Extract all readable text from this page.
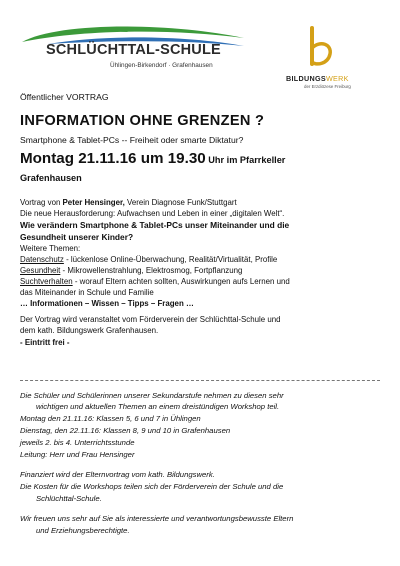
SCHLÜCHTTAL-SCHULE
Ühlingen-Birkendorf · Grafenhausen
BILDUNGSWERK
der Erzdiözese Freiburg
Öffentlicher VORTRAG
INFORMATION OHNE GRENZEN ?
Smartphone & Tablet-PCs -- Freiheit oder smarte Diktatur?
Montag 21.11.16 um 19.30 Uhr im Pfarrkeller
Grafenhausen
Vortrag von Peter Hensinger, Verein Diagnose Funk/Stuttgart
Die neue Herausforderung: Aufwachsen und Leben in einer „digitalen Welt“.
Wie verändern Smartphone & Tablet-PCs unser Miteinander und die
Gesundheit unserer Kinder?
Weitere Themen:
Datenschutz - lückenlose Online-Überwachung, Realität/Virtualität, Profile
Gesundheit - Mikrowellenstrahlung, Elektrosmog, Fortpflanzung
Suchtverhalten - worauf Eltern achten sollten, Auswirkungen aufs Lernen und
das Miteinander in Schule und Familie
… Informationen – Wissen – Tipps – Fragen …
Der Vortrag wird veranstaltet vom Förderverein der Schlüchttal-Schule und
dem kath. Bildungswerk Grafenhausen.
- Eintritt frei -
Die Schüler und Schülerinnen unserer Sekundarstufe nehmen zu diesen sehr
wichtigen und aktuellen Themen an einem dreistündigen Workshop teil.
Montag den 21.11.16: Klassen 5, 6 und 7 in Ühlingen
Dienstag, den 22.11.16: Klassen 8, 9 und 10 in Grafenhausen
jeweils 2. bis 4. Unterrichtsstunde
Leitung: Herr und Frau Hensinger
Finanziert wird der Elternvortrag vom kath. Bildungswerk.
Die Kosten für die Workshops teilen sich der Förderverein der Schule und die
Schlüchttal-Schule.
Wir freuen uns sehr auf Sie als interessierte und verantwortungsbewusste Eltern
und Erziehungsberechtigte.
